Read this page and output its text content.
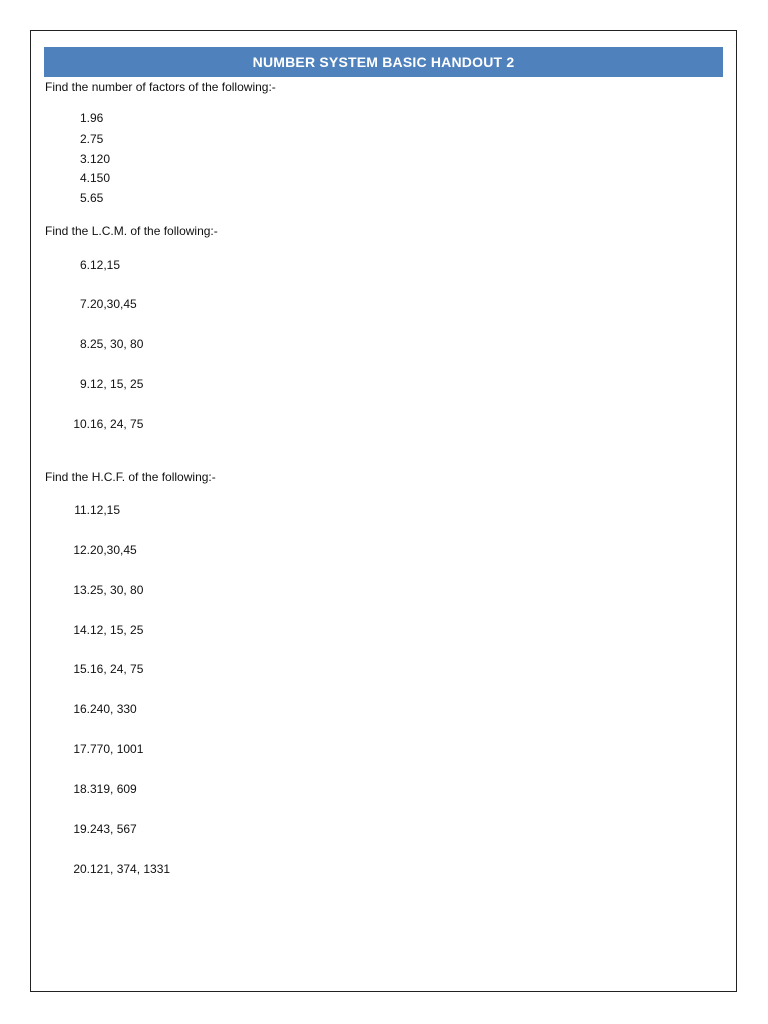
NUMBER SYSTEM BASIC HANDOUT 2
Find the number of factors of the following:-
1. 96
2. 75
3. 120
4. 150
5. 65
Find the L.C.M. of the following:-
6. 12,15
7. 20,30,45
8. 25, 30, 80
9. 12, 15, 25
10. 16, 24, 75
Find the H.C.F. of the following:-
11. 12,15
12. 20,30,45
13. 25, 30, 80
14. 12, 15, 25
15. 16, 24, 75
16. 240, 330
17. 770, 1001
18. 319, 609
19. 243, 567
20. 121, 374, 1331
